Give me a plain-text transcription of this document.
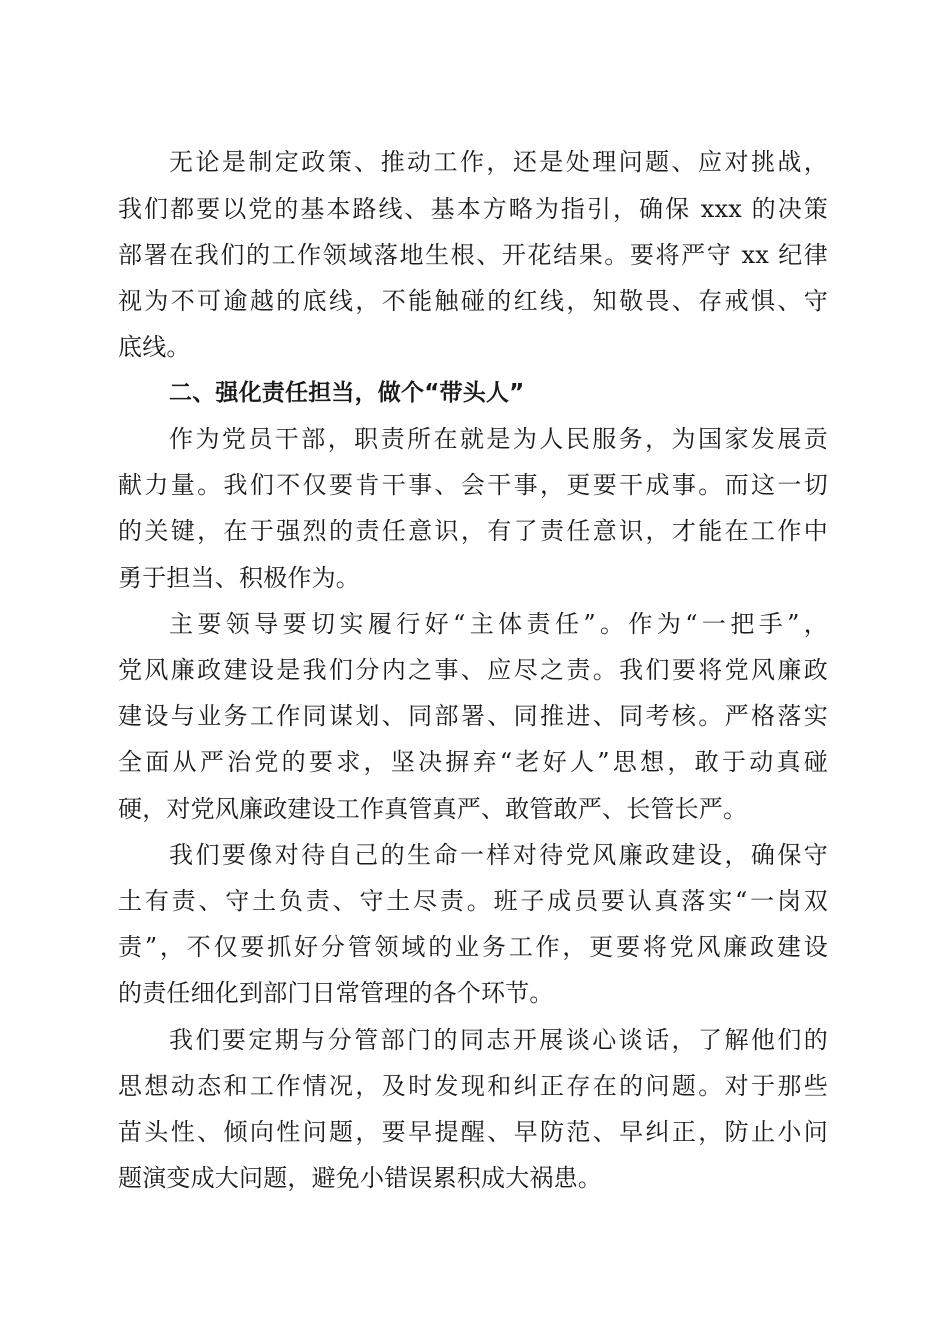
无论是制定政策、推动工作，还是处理问题、应对挑战，
我们都要以党的基本路线、基本方略为指引，确保 xxx 的决策
部署在我们的工作领域落地生根、开花结果。要将严守 xx 纪律
视为不可逾越的底线，不能触碰的红线，知敬畏、存戒惧、守
底线。
二、强化责任担当，做个“带头人”
作为党员干部，职责所在就是为人民服务，为国家发展贡
献力量。我们不仅要肯干事、会干事，更要干成事。而这一切
的关键，在于强烈的责任意识，有了责任意识，才能在工作中
勇于担当、积极作为。
主要领导要切实履行好“主体责任”。作为“一把手”，
党风廉政建设是我们分内之事、应尽之责。我们要将党风廉政
建设与业务工作同谋划、同部署、同推进、同考核。严格落实
全面从严治党的要求，坚决摒弃“老好人”思想，敢于动真碰
硬，对党风廉政建设工作真管真严、敢管敢严、长管长严。
我们要像对待自己的生命一样对待党风廉政建设，确保守
土有责、守土负责、守土尽责。班子成员要认真落实“一岗双
责”，不仅要抓好分管领域的业务工作，更要将党风廉政建设
的责任细化到部门日常管理的各个环节。
我们要定期与分管部门的同志开展谈心谈话，了解他们的
思想动态和工作情况，及时发现和纠正存在的问题。对于那些
苗头性、倾向性问题，要早提醒、早防范、早纠正，防止小问
题演变成大问题，避免小错误累积成大祸患。
